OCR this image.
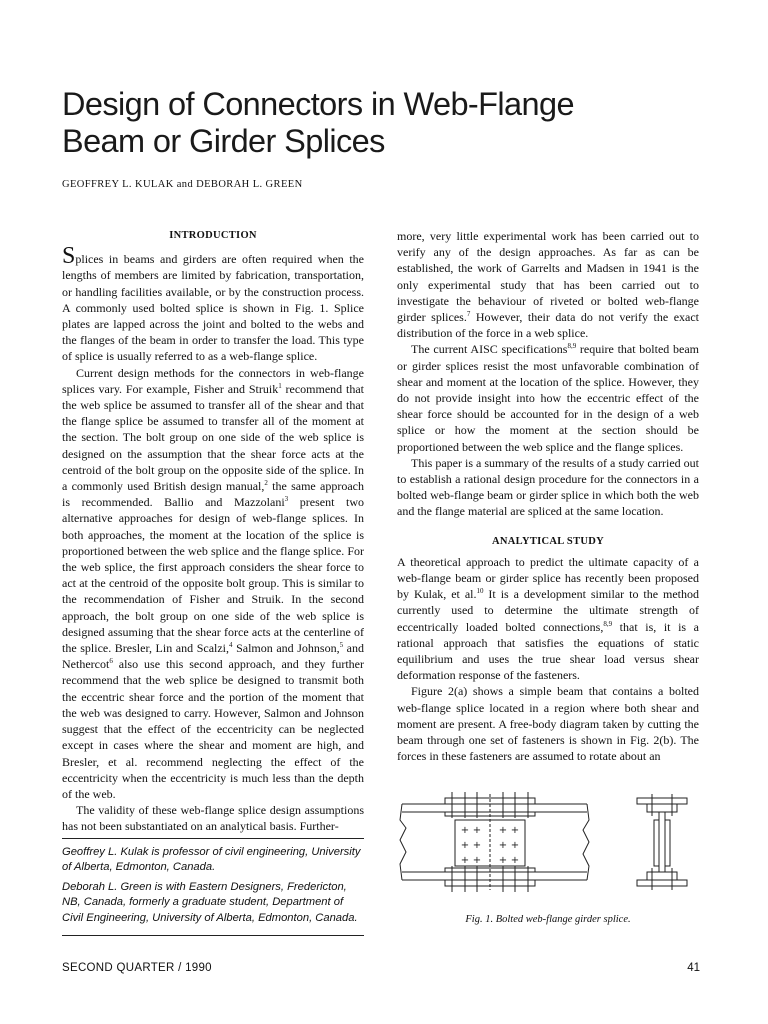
Design of Connectors in Web-Flange
Beam or Girder Splices
GEOFFREY L. KULAK and DEBORAH L. GREEN
INTRODUCTION

Splices in beams and girders are often required when the lengths of members are limited by fabrication, transportation, or handling facilities available, or by the construction process. A commonly used bolted splice is shown in Fig. 1. Splice plates are lapped across the joint and bolted to the webs and the flanges of the beam in order to transfer the load. This type of splice is usually referred to as a web-flange splice.

Current design methods for the connectors in web-flange splices vary. For example, Fisher and Struik$^1$ recommend that the web splice be assumed to transfer all of the shear and that the flange splice be assumed to transfer all of the moment at the section. The bolt group on one side of the web splice is designed on the assumption that the shear force acts at the centroid of the bolt group on the opposite side of the splice. In a commonly used British design manual,$^2$ the same approach is recommended. Ballio and Mazzolani$^3$ present two alternative approaches for design of web-flange splices. In both approaches, the moment at the location of the splice is proportioned between the web splice and the flange splice. For the web splice, the first approach considers the shear force to act at the centroid of the opposite bolt group. This is similar to the recommendation of Fisher and Struik. In the second approach, the bolt group on one side of the web splice is designed assuming that the shear force acts at the centerline of the splice. Bresler, Lin and Scalzi,$^4$ Salmon and Johnson,$^5$ and Nethercot$^6$ also use this second approach, and they further recommend that the web splice be designed to transmit both the eccentric shear force and the portion of the moment that the web was designed to carry. However, Salmon and Johnson suggest that the effect of the eccentricity can be neglected except in cases where the shear and moment are high, and Bresler, et al. recommend neglecting the effect of the eccentricity when the eccentricity is much less than the depth of the web.

The validity of these web-flange splice design assumptions has not been substantiated on an analytical basis. Further-

Geoffrey L. Kulak is professor of civil engineering, University of Alberta, Edmonton, Canada.

Deborah L. Green is with Eastern Designers, Fredericton, NB, Canada, formerly a graduate student, Department of Civil Engineering, University of Alberta, Edmonton, Canada.

more, very little experimental work has been carried out to verify any of the design approaches. As far as can be established, the work of Garrelts and Madsen in 1941 is the only experimental study that has been carried out to investigate the behaviour of riveted or bolted web-flange girder splices.$^7$ However, their data do not verify the exact distribution of the force in a web splice.

The current AISC specifications$^{8,9}$ require that bolted beam or girder splices resist the most unfavorable combination of shear and moment at the location of the splice. However, they do not provide insight into how the eccentric effect of the shear force should be accounted for in the design of a web splice or how the moment at the section should be proportioned between the web splice and the flange splices.

This paper is a summary of the results of a study carried out to establish a rational design procedure for the connectors in a bolted web-flange beam or girder splice in which both the web and the flange material are spliced at the same location.

ANALYTICAL STUDY

A theoretical approach to predict the ultimate capacity of a web-flange beam or girder splice has recently been proposed by Kulak, et al.$^{10}$ It is a development similar to the method currently used to determine the ultimate strength of eccentrically loaded bolted connections,$^{8,9}$ that is, it is a rational approach that satisfies the equations of static equilibrium and uses the true shear load versus shear deformation response of the fasteners.

Figure 2(a) shows a simple beam that contains a bolted web-flange splice located in a region where both shear and moment are present. A free-body diagram taken by cutting the beam through one set of fasteners is shown in Fig. 2(b). The forces in these fasteners are assumed to rotate about an

+ + + +
+ + + +
+ + + +
Fig. 1. Bolted web-flange girder splice.
SECOND QUARTER / 1990	41
